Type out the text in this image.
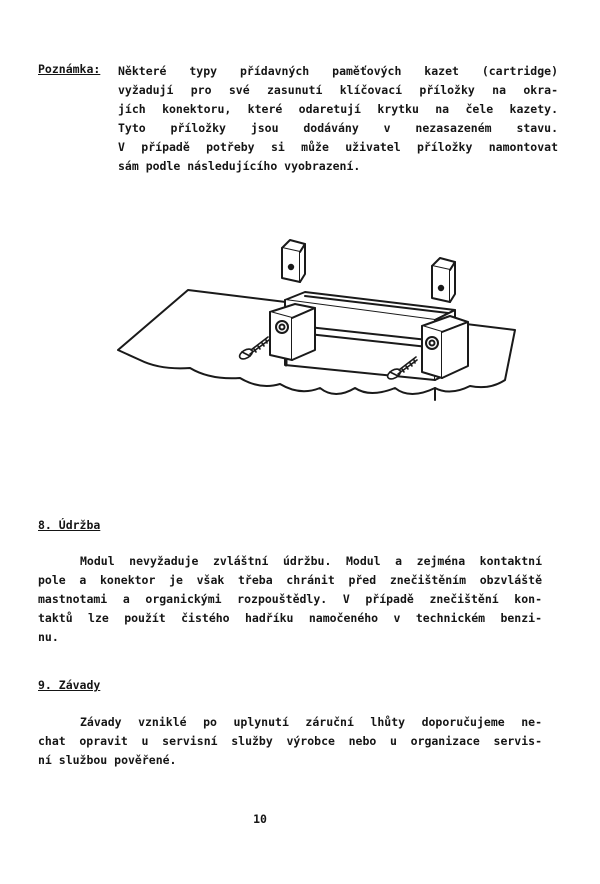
Poznámka: Některé typy přídavných paměťových kazet (cartridge)
vyžadují pro své zasunutí klíčovací příložky na okra-
jích konektoru, které odaretují krytku na čele kazety.
Tyto příložky jsou dodávány v nezasazeném stavu.
V případě potřeby si může uživatel příložky namontovat
sám podle následujícího vyobrazení.
8. Údržba
Modul nevyžaduje zvláštní údržbu. Modul a zejména kontaktní
pole a konektor je však třeba chránit před znečištěním obzvláště
mastnotami a organickými rozpouštědly. V případě znečištění kon-
taktů lze použít čistého hadříku namočeného v technickém benzi-
nu.
9. Závady
Závady vzniklé po uplynutí záruční lhůty doporučujeme ne-
chat opravit u servisní služby výrobce nebo u organizace servis-
ní službou pověřené.
10
